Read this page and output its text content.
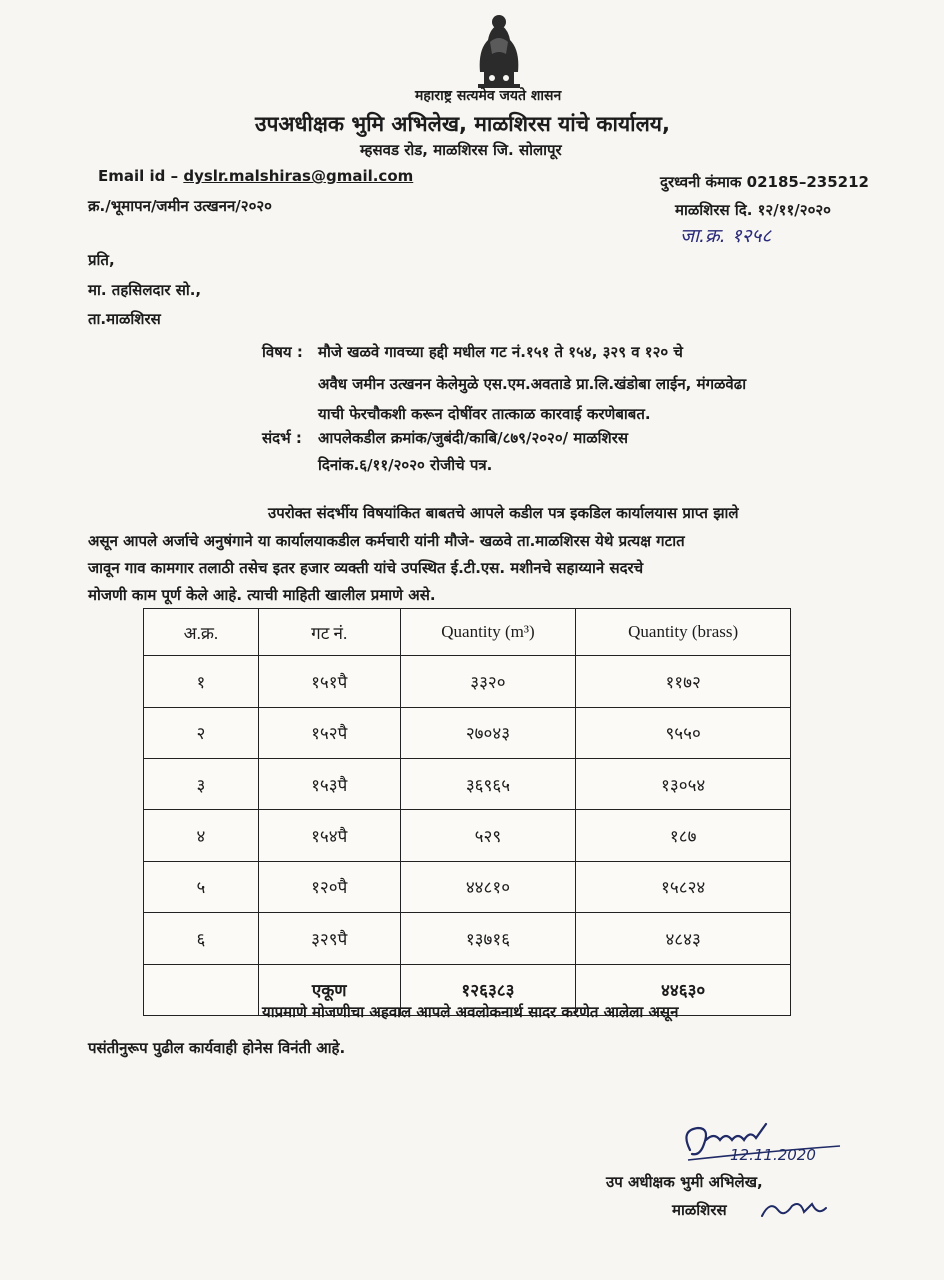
महाराष्ट्र सत्यमेव जयते शासन
उपअधीक्षक भुमि अभिलेख, माळशिरस यांचे कार्यालय,
म्हसवड रोड, माळशिरस जि. सोलापूर
Email id – dyslr.malshiras@gmail.com	दुरध्वनी कंमाक 02185–235212
क्र./भूमापन/जमीन उत्खनन/२०२०	माळशिरस दि. १२/११/२०२०
जा.क्र. १२५८
प्रति,
मा. तहसिलदार सो.,
ता.माळशिरस
विषय : मौजे खळवे गावच्या हद्दी मधील गट नं.१५१ ते १५४, ३२९ व १२० चे
अवैध जमीन उत्खनन केलेमुळे एस.एम.अवताडे प्रा.लि.खंडोबा लाईन, मंगळवेढा
याची फेरचौकशी करून दोषींवर तात्काळ कारवाई करणेबाबत.
संदर्भ : आपलेकडील क्रमांक/जुबंदी/काबि/८७९/२०२०/ माळशिरस
दिनांक.६/११/२०२० रोजीचे पत्र.
उपरोक्त संदर्भीय विषयांकित बाबतचे आपले कडील पत्र इकडिल कार्यालयास प्राप्त झाले
असून आपले अर्जाचे अनुषंगाने या कार्यालयाकडील कर्मचारी यांनी मौजे- खळवे ता.माळशिरस येथे प्रत्यक्ष गटात
जावून गाव कामगार तलाठी तसेच इतर हजार व्यक्ती यांचे उपस्थित ई.टी.एस. मशीनचे सहाय्याने सदरचे
मोजणी काम पूर्ण केले आहे. त्याची माहिती खालील प्रमाणे असे.
अ.क्र.	गट नं.	Quantity (m³)	Quantity (brass)
१	१५१पै	३३२०	११७२
२	१५२पै	२७०४३	९५५०
३	१५३पै	३६९६५	१३०५४
४	१५४पै	५२९	१८७
५	१२०पै	४४८१०	१५८२४
६	३२९पै	१३७१६	४८४३
	एकूण	१२६३८३	४४६३०
याप्रमाणे मोजणीचा अहवाल आपले अवलोकनार्थ सादर करणेत आलेला असून
पसंतीनुरूप पुढील कार्यवाही होनेस विनंती आहे.
12.11.2020
उप अधीक्षक भुमी अभिलेख,
माळशिरस
